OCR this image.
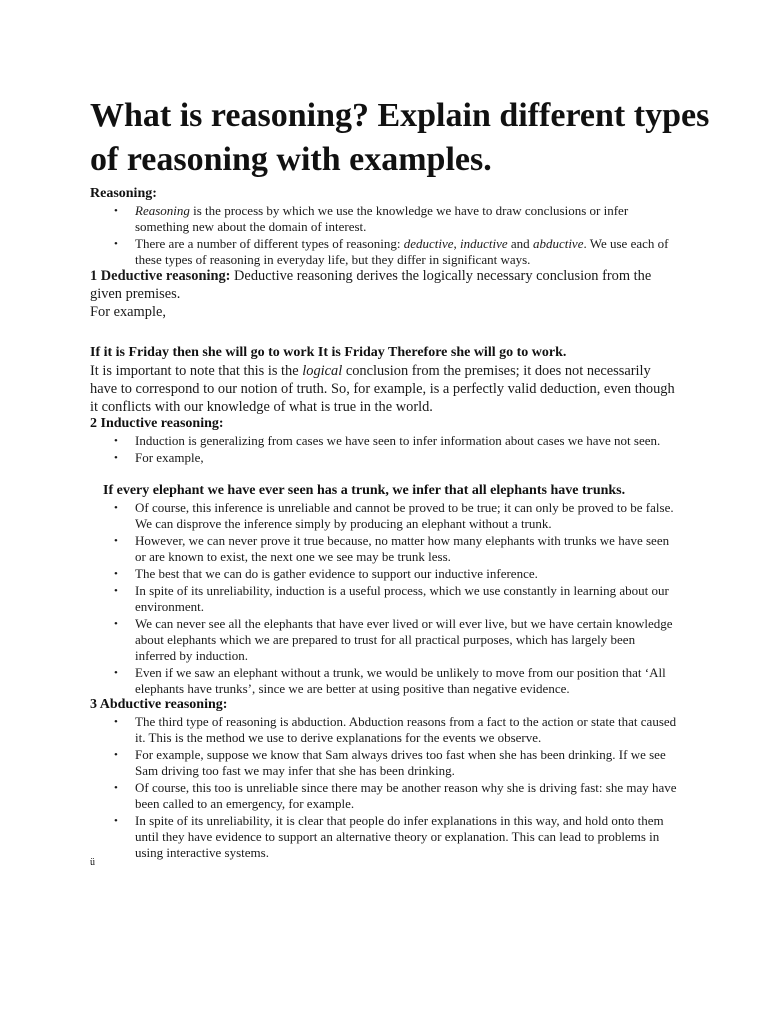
What is reasoning? Explain different types of reasoning with examples.
Reasoning:
• Reasoning is the process by which we use the knowledge we have to draw conclusions or infer something new about the domain of interest.
• There are a number of different types of reasoning: deductive, inductive and abductive. We use each of these types of reasoning in everyday life, but they differ in significant ways.
1 Deductive reasoning: Deductive reasoning derives the logically necessary conclusion from the given premises.
For example,
If it is Friday then she will go to work It is Friday Therefore she will go to work.
It is important to note that this is the logical conclusion from the premises; it does not necessarily have to correspond to our notion of truth. So, for example, is a perfectly valid deduction, even though it conflicts with our knowledge of what is true in the world.
2 Inductive reasoning:
• Induction is generalizing from cases we have seen to infer information about cases we have not seen.
• For example,
If every elephant we have ever seen has a trunk, we infer that all elephants have trunks.
• Of course, this inference is unreliable and cannot be proved to be true; it can only be proved to be false. We can disprove the inference simply by producing an elephant without a trunk.
• However, we can never prove it true because, no matter how many elephants with trunks we have seen or are known to exist, the next one we see may be trunk less.
• The best that we can do is gather evidence to support our inductive inference.
• In spite of its unreliability, induction is a useful process, which we use constantly in learning about our environment.
• We can never see all the elephants that have ever lived or will ever live, but we have certain knowledge about elephants which we are prepared to trust for all practical purposes, which has largely been inferred by induction.
• Even if we saw an elephant without a trunk, we would be unlikely to move from our position that ‘All elephants have trunks’, since we are better at using positive than negative evidence.
3 Abductive reasoning:
• The third type of reasoning is abduction. Abduction reasons from a fact to the action or state that caused it. This is the method we use to derive explanations for the events we observe.
• For example, suppose we know that Sam always drives too fast when she has been drinking. If we see Sam driving too fast we may infer that she has been drinking.
• Of course, this too is unreliable since there may be another reason why she is driving fast: she may have been called to an emergency, for example.
• In spite of its unreliability, it is clear that people do infer explanations in this way, and hold onto them until they have evidence to support an alternative theory or explanation. This can lead to problems in using interactive systems.
ü
